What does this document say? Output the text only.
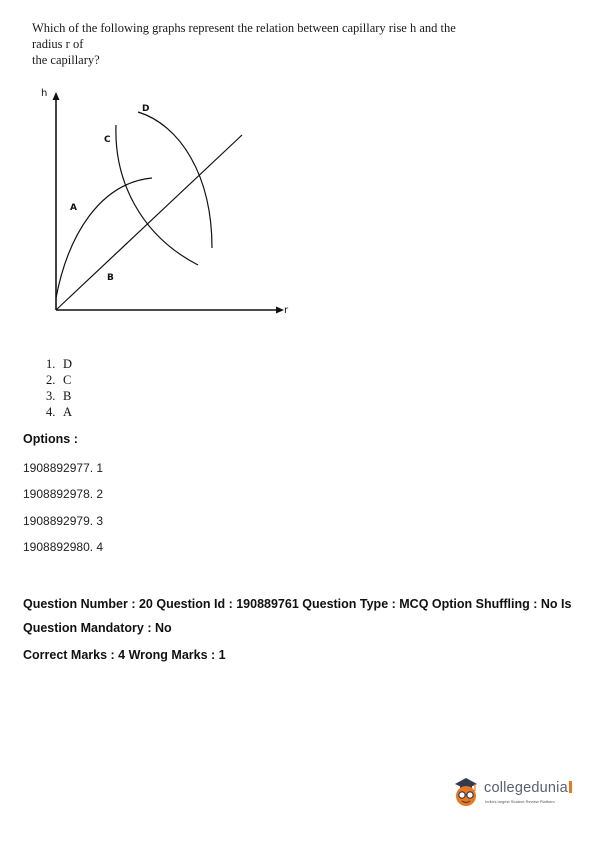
Which of the following graphs represent the relation between capillary rise h and the radius r of
the capillary?
h
r
A
B
C
D
1. D
2. C
3. B
4. A
Options :
1908892977. 1
1908892978. 2
1908892979. 3
1908892980. 4
Question Number : 20 Question Id : 190889761 Question Type : MCQ Option Shuffling : No Is
Question Mandatory : No
Correct Marks : 4 Wrong Marks : 1
collegedunia
India's largest Student Review Platform
